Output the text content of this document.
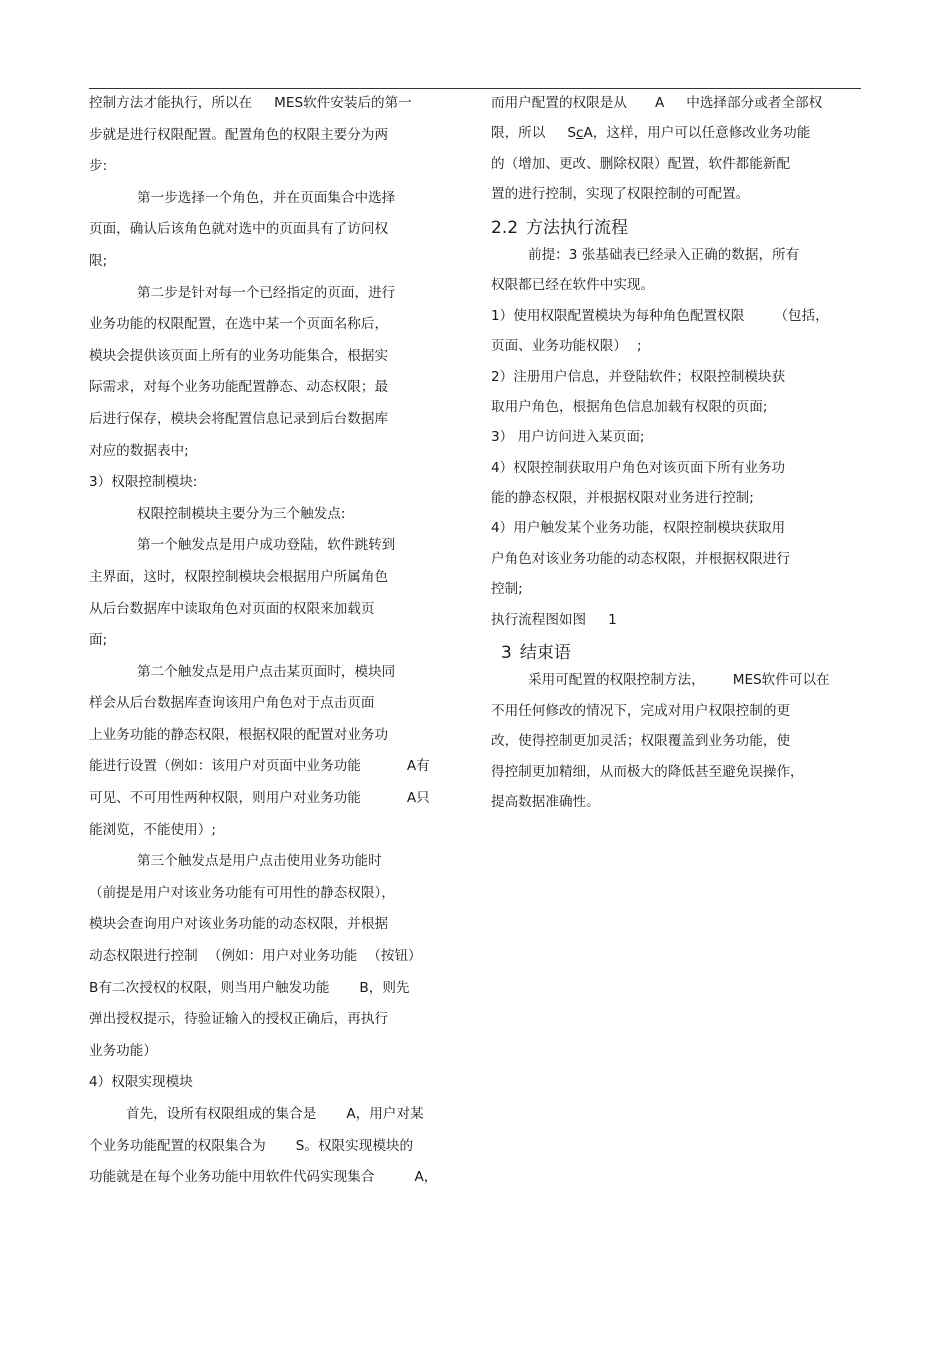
控制方法才能执行，所以在 MES软件安装后的第一
步就是进行权限配置。配置角色的权限主要分为两
步:
第一步选择一个角色，并在页面集合中选择
页面，确认后该角色就对选中的页面具有了访问权
限;
第二步是针对每一个已经指定的页面，进行
业务功能的权限配置，在选中某一个页面名称后，
模块会提供该页面上所有的业务功能集合，根据实
际需求，对每个业务功能配置静态、动态权限；最
后进行保存，模块会将配置信息记录到后台数据库
对应的数据表中;
3）权限控制模块:
权限控制模块主要分为三个触发点:
第一个触发点是用户成功登陆，软件跳转到
主界面，这时，权限控制模块会根据用户所属角色
从后台数据库中读取角色对页面的权限来加载页
面;
第二个触发点是用户点击某页面时，模块同
样会从后台数据库查询该用户角色对于点击页面
上业务功能的静态权限，根据权限的配置对业务功
能进行设置（例如：该用户对页面中业务功能	A有
可见、不可用性两种权限，则用户对业务功能	A只
能浏览，不能使用）;
第三个触发点是用户点击使用业务功能时
（前提是用户对该业务功能有可用性的静态权限），
模块会查询用户对该业务功能的动态权限，并根据
动态权限进行控制 （例如：用户对业务功能 （按钮）
B有二次授权的权限，则当用户触发功能 B，则先
弹出授权提示，待验证输入的授权正确后，再执行
业务功能）
4）权限实现模块
首先，设所有权限组成的集合是 A，用户对某
个业务功能配置的权限集合为 S。权限实现模块的
功能就是在每个业务功能中用软件代码实现集合	A，
而用户配置的权限是从 A 中选择部分或者全部权
限，所以 ScA，这样，用户可以任意修改业务功能
的（增加、更改、删除权限）配置，软件都能新配
置的进行控制，实现了权限控制的可配置。
2.2 方法执行流程
前提：3 张基础表已经录入正确的数据，所有
权限都已经在软件中实现。
1）使用权限配置模块为每种角色配置权限 （包括，
页面、业务功能权限） ;
2）注册用户信息，并登陆软件；权限控制模块获
取用户角色，根据角色信息加载有权限的页面;
3） 用户访问进入某页面;
4）权限控制获取用户角色对该页面下所有业务功
能的静态权限，并根据权限对业务进行控制;
4）用户触发某个业务功能，权限控制模块获取用
户角色对该业务功能的动态权限，并根据权限进行
控制;
执行流程图如图 1
3 结束语
采用可配置的权限控制方法， MES软件可以在
不用任何修改的情况下，完成对用户权限控制的更
改，使得控制更加灵活；权限覆盖到业务功能，使
得控制更加精细，从而极大的降低甚至避免误操作，
提高数据准确性。
